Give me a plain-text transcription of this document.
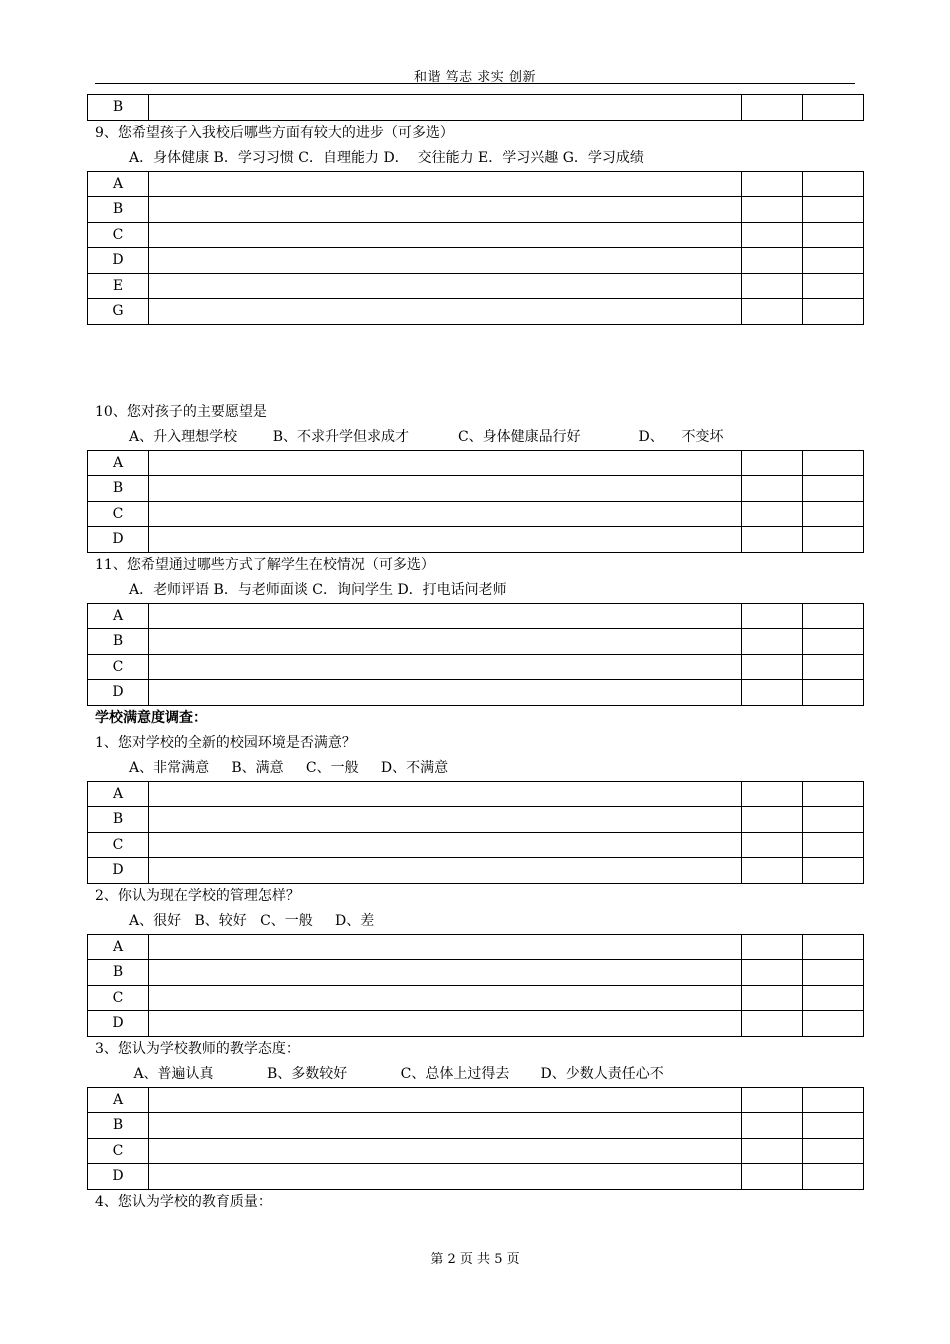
和谐 笃志 求实 创新
B			
9、您希望孩子入我校后哪些方面有较大的进步（可多选）
A．身体健康 B．学习习惯 C．自理能力 D．  交往能力 E．学习兴趣 G．学习成绩
A			
B			
C			
D			
E			
G			
10、您对孩子的主要愿望是
A、升入理想学校        B、不求升学但求成才           C、身体健康品行好             D、    不变坏
A			
B			
C			
D			
11、您希望通过哪些方式了解学生在校情况（可多选）
A．老师评语 B．与老师面谈 C．询问学生 D．打电话问老师
A			
B			
C			
D			
学校满意度调查：
1、您对学校的全新的校园环境是否满意？
A、非常满意     B、满意     C、一般     D、不满意
A			
B			
C			
D			
2、你认为现在学校的管理怎样？
A、很好   B、较好   C、一般     D、差
A			
B			
C			
D			
3、您认为学校教师的教学态度：
A、普遍认真            B、多数较好            C、总体上过得去       D、少数人责任心不
A			
B			
C			
D			
4、您认为学校的教育质量：
第 2 页 共 5 页
